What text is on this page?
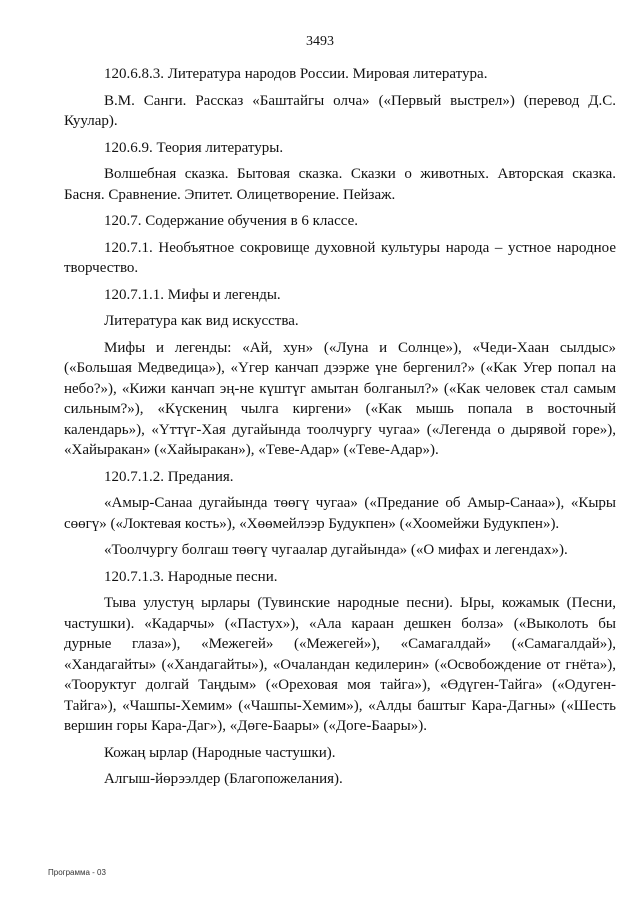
3493

120.6.8.3. Литература народов России. Мировая литература.

В.М. Санги. Рассказ «Баштайгы олча» («Первый выстрел») (перевод Д.С. Куулар).

120.6.9. Теория литературы.

Волшебная сказка. Бытовая сказка. Сказки о животных. Авторская сказка. Басня. Сравнение. Эпитет. Олицетворение. Пейзаж.

120.7. Содержание обучения в 6 классе.

120.7.1. Необъятное сокровище духовной культуры народа – устное народное творчество.

120.7.1.1. Мифы и легенды.

Литература как вид искусства.

Мифы и легенды: «Ай, хун» («Луна и Солнце»), «Чеди-Хаан сылдыс» («Большая Медведица»), «Үгер канчап дээрже үне бергенил?» («Как Угер попал на небо?»), «Кижи канчап эң-не күштүг амытан болганыл?» («Как человек стал самым сильным?»), «Күскениң чылга киргени» («Как мышь попала в восточный календарь»), «Үттүг-Хая дугайында тоолчургу чугаа» («Легенда о дырявой горе»), «Хайыракан» («Хайыракан»), «Теве-Адар» («Теве-Адар»).

120.7.1.2. Предания.

«Амыр-Санаа дугайында төөгү чугаа» («Предание об Амыр-Санаа»), «Кыры сөөгү» («Локтевая кость»), «Хөөмейлээр Будукпен» («Хоомейжи Будукпен»).

«Тоолчургу болгаш төөгү чугаалар дугайында» («О мифах и легендах»).

120.7.1.3. Народные песни.

Тыва улустуң ырлары (Тувинские народные песни). Ыры, кожамык (Песни, частушки). «Кадарчы» («Пастух»), «Ала караан дешкен болза» («Выколоть бы дурные глаза»), «Межегей» («Межегей»), «Самагалдай» («Самагалдай»), «Хандагайты» («Хандагайты»), «Очаландан кедилерин» («Освобождение от гнёта»), «Тооруктуг долгай Таңдым» («Ореховая моя тайга»), «Өдүген-Тайга» («Одуген-Тайга»), «Чашпы-Хемим» («Чашпы-Хемим»), «Алды баштыг Кара-Дагны» («Шесть вершин горы Кара-Даг»), «Дөге-Баары» («Доге-Баары»).

Кожаң ырлар (Народные частушки).

Алгыш-йөрээлдер (Благопожелания).

Программа - 03
